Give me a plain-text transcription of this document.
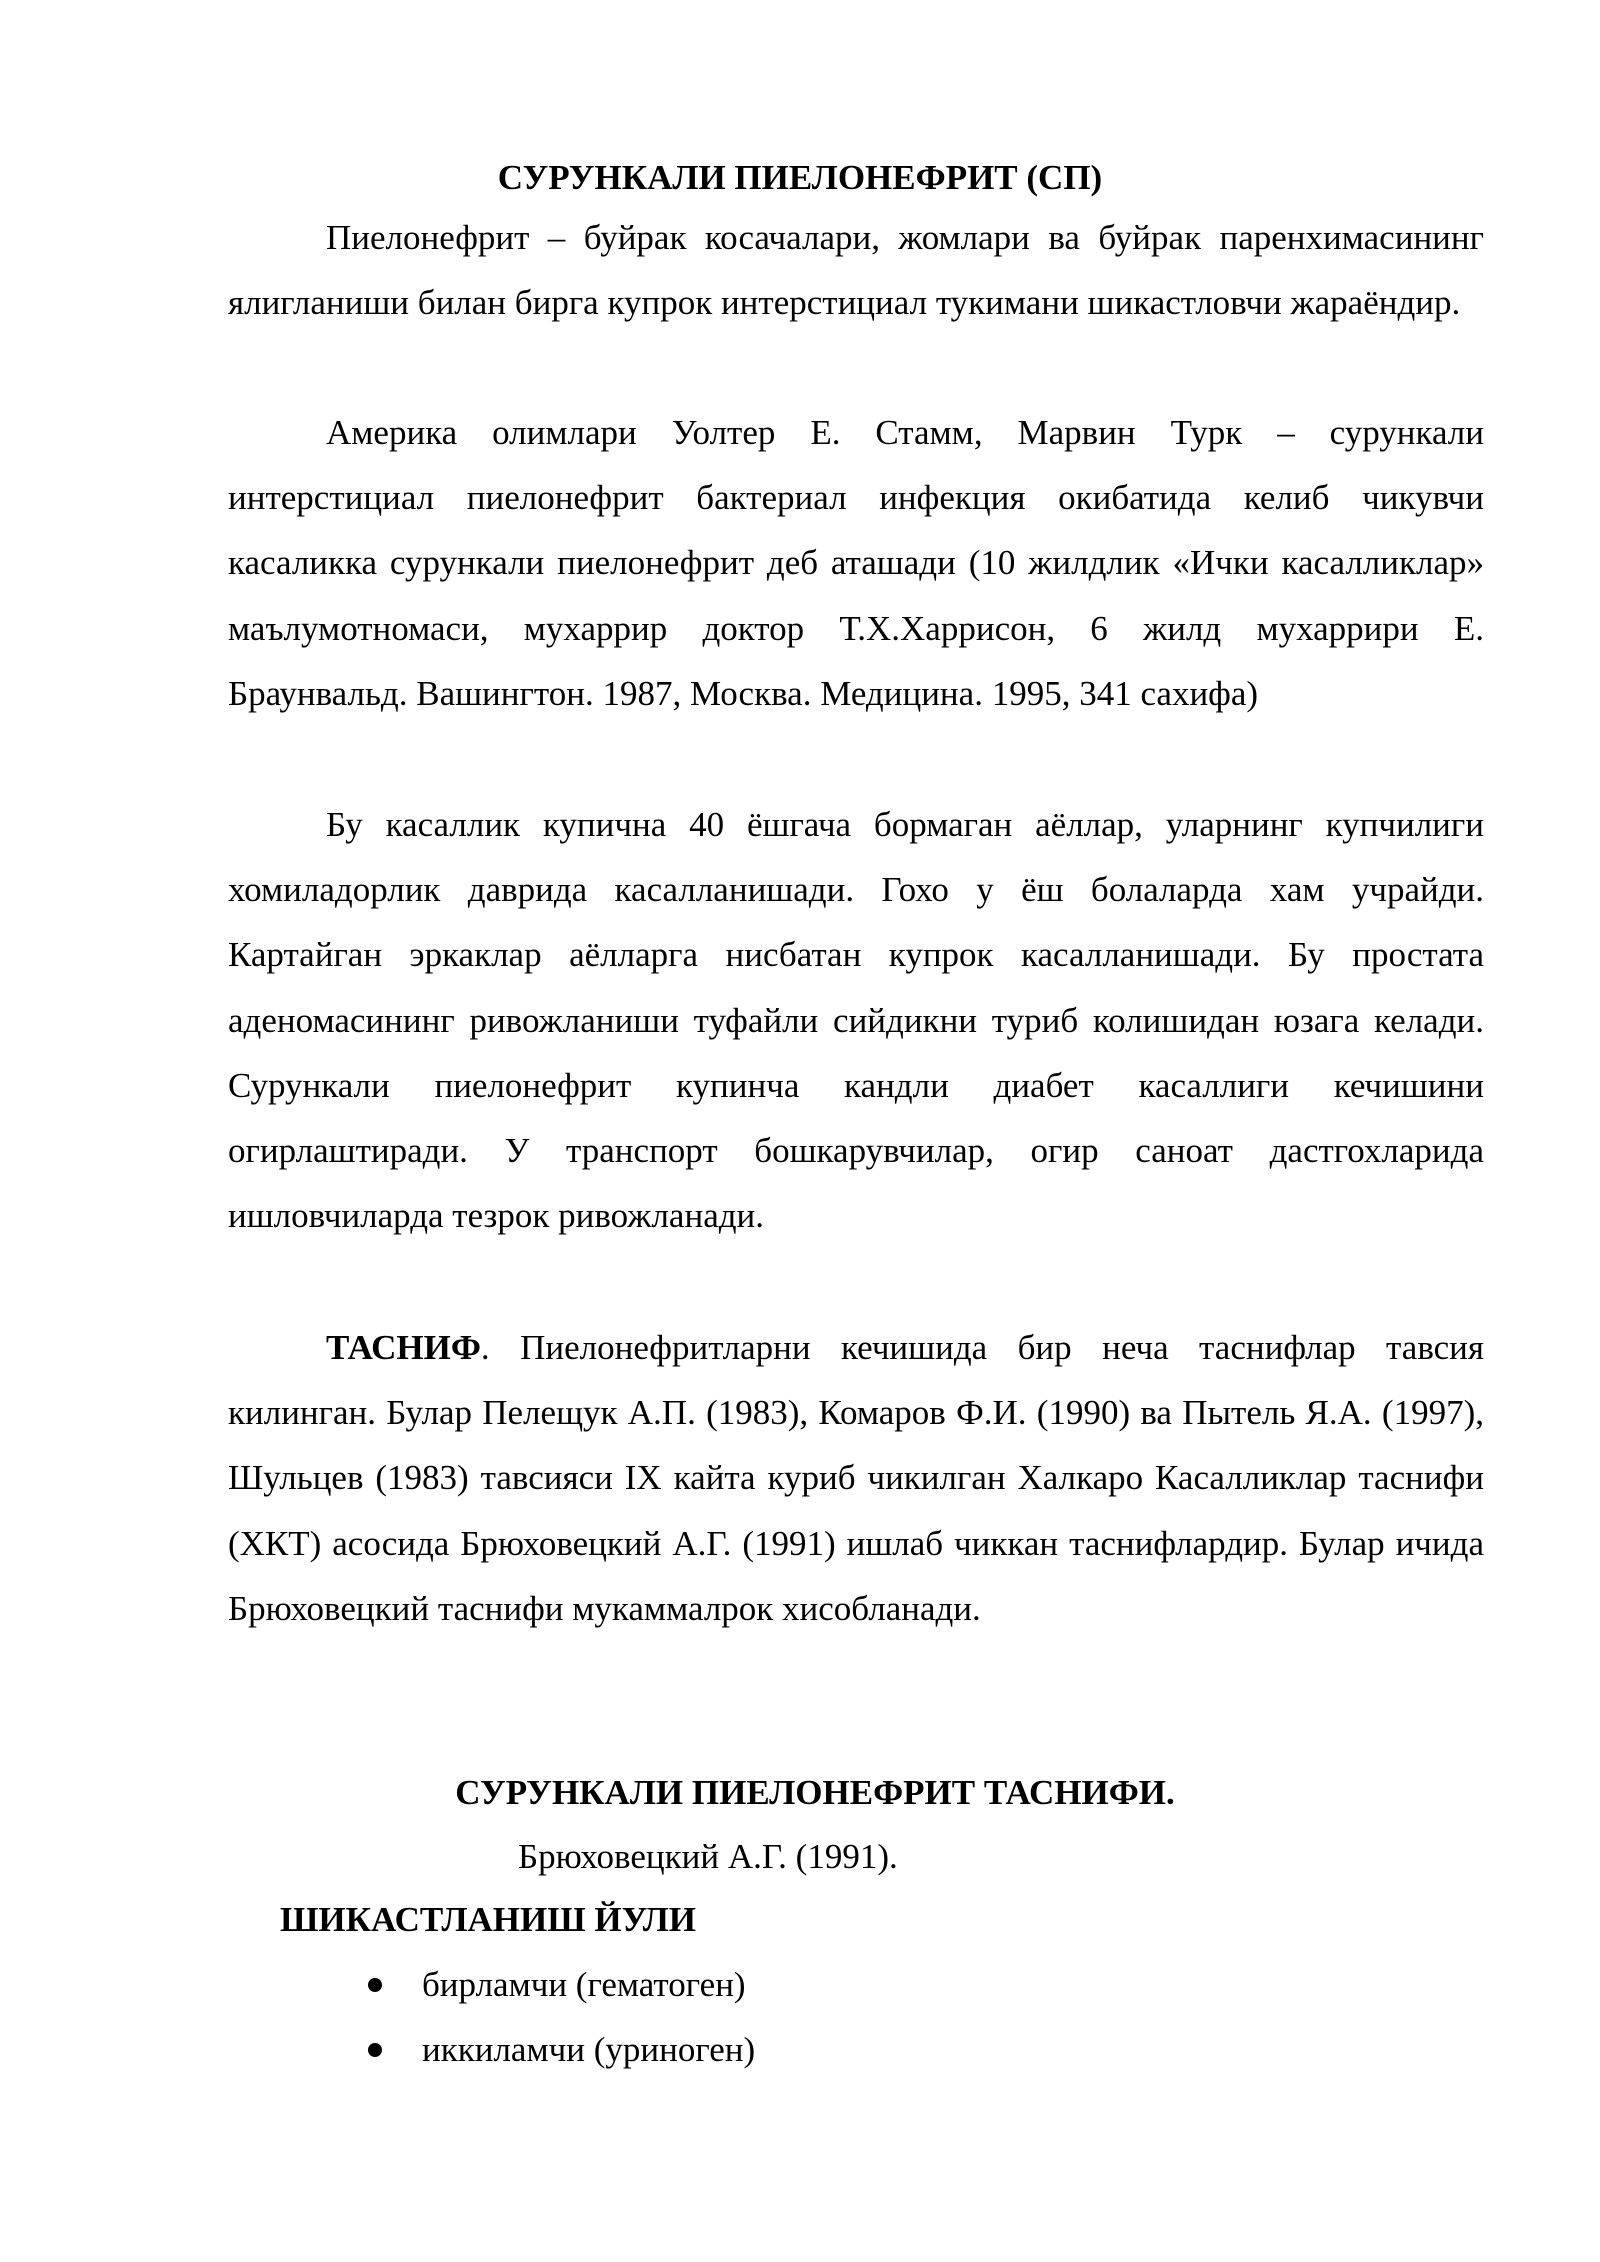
СУРУНКАЛИ ПИЕЛОНЕФРИТ (СП)

Пиелонефрит – буйрак косачалари, жомлари ва буйрак паренхимасининг ялигланиши билан бирга купрок интерстициал тукимани шикастловчи жараёндир.

Америка олимлари Уолтер Е. Стамм, Марвин Турк – сурункали интерстициал пиелонефрит бактериал инфекция окибатида келиб чикувчи касаликка сурункали пиелонефрит деб аташади (10 жилдлик «Ички касалликлар» маълумотномаси, мухаррир доктор Т.Х.Харрисон, 6 жилд мухаррири Е. Браунвальд. Вашингтон. 1987, Москва. Медицина. 1995, 341 сахифа)

Бу касаллик купична 40 ёшгача бормаган аёллар, уларнинг купчилиги хомиладорлик даврида касалланишади. Гохо у ёш болаларда хам учрайди. Картайган эркаклар аёлларга нисбатан купрок касалланишади. Бу простата аденомасининг ривожланиши туфайли сийдикни туриб колишидан юзага келади. Сурункали пиелонефрит купинча кандли диабет касаллиги кечишини огирлаштиради. У транспорт бошкарувчилар, огир саноат дастгохларида ишловчиларда тезрок ривожланади.

ТАСНИФ. Пиелонефритларни кечишида бир неча таснифлар тавсия килинган. Булар Пелещук А.П. (1983), Комаров Ф.И. (1990) ва Пытель Я.А. (1997), Шульцев (1983) тавсияси IX кайта куриб чикилган Халкаро Касалликлар таснифи (ХКТ) асосида Брюховецкий А.Г. (1991) ишлаб чиккан таснифлардир. Булар ичида Брюховецкий таснифи мукаммалрок хисобланади.

СУРУНКАЛИ ПИЕЛОНЕФРИТ ТАСНИФИ.
Брюховецкий А.Г. (1991).
ШИКАСТЛАНИШ ЙУЛИ
бирламчи (гематоген)
иккиламчи (уриноген)
